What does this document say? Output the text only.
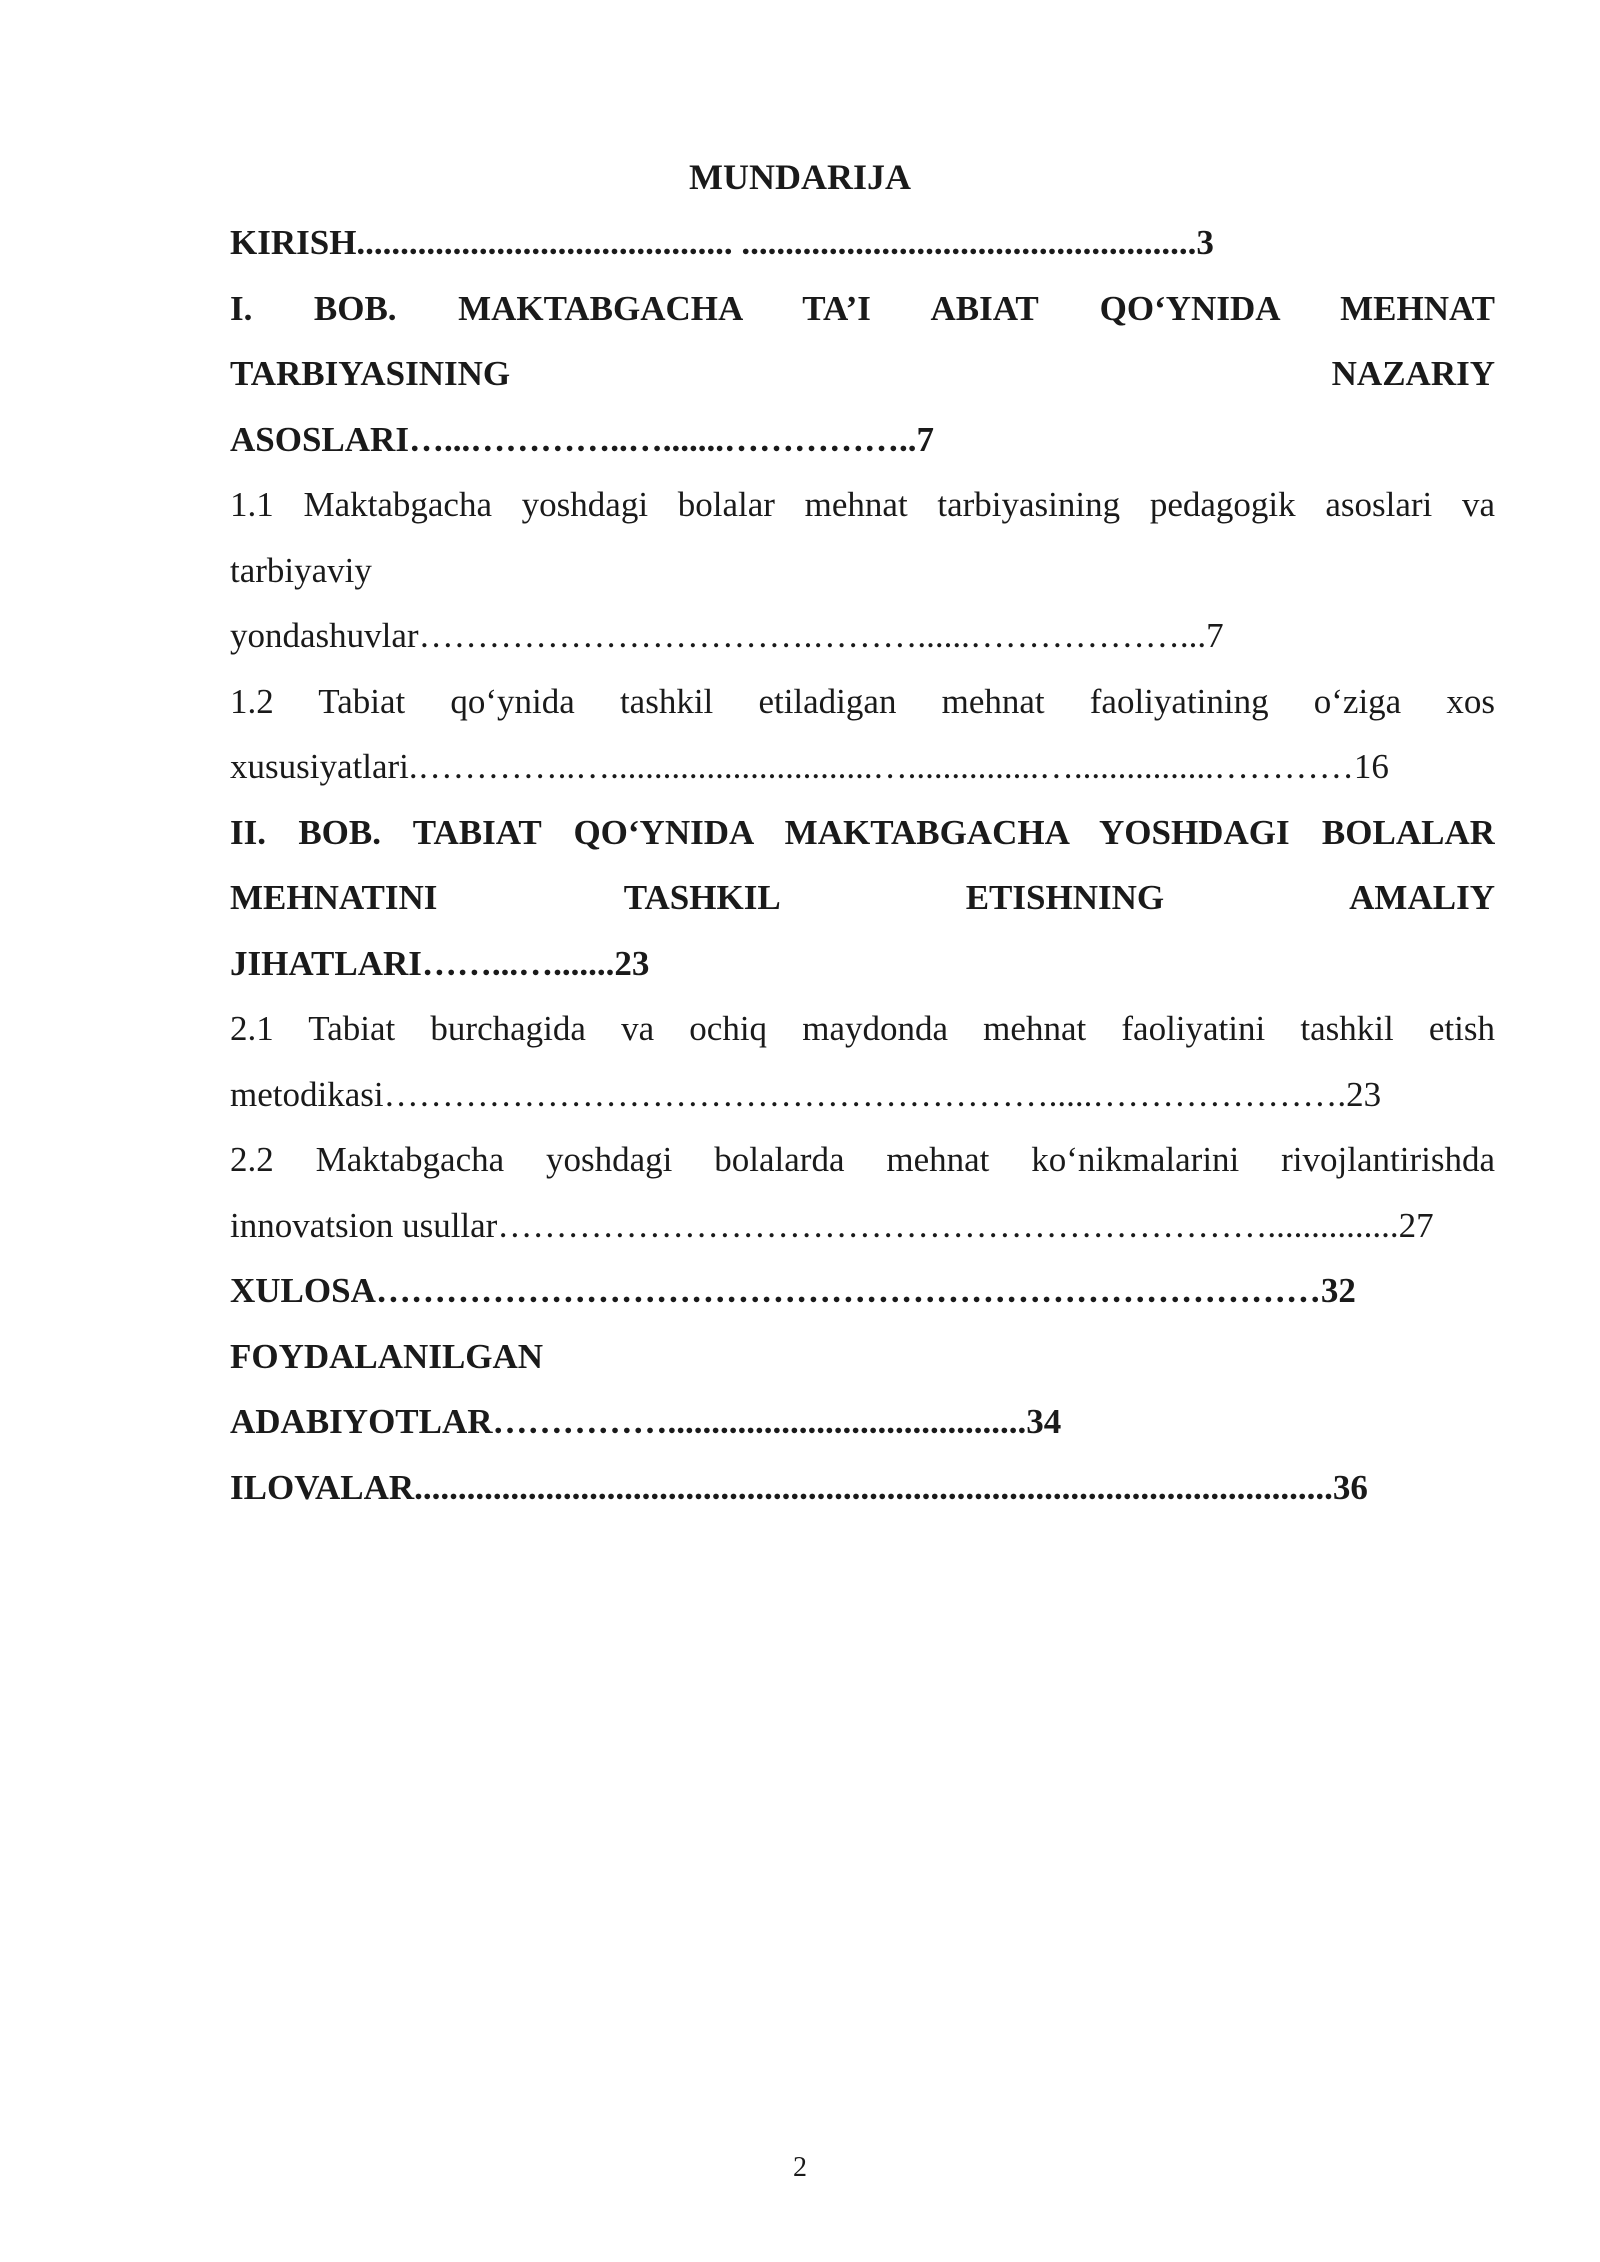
MUNDARIJA
KIRISH........................................... ....................................................3
I. BOB. MAKTABGACHA TA’I ABIAT QO‘YNIDA MEHNAT
TARBIYASINING NAZARIY
ASOSLARI…...…………..….......……………..7
1.1 Maktabgacha yoshdagi bolalar mehnat tarbiyasining pedagogik asoslari va
tarbiyaviy
yondashuvlar…………………………….………......………………...7
1.2 Tabiat qo‘ynida tashkil etiladigan mehnat faoliyatining o‘ziga xos
xususiyatlari.…………..…..............................…...............…................…………16
II. BOB. TABIAT QO‘YNIDA MAKTABGACHA YOSHDAGI BOLALAR
MEHNATINI TASHKIL ETISHNING AMALIY
JIHATLARI……...….......23
2.1 Tabiat burchagida va ochiq maydonda mehnat faoliyatini tashkil etish
metodikasi………………………………………………….....………………….23
2.2 Maktabgacha yoshdagi bolalarda mehnat ko‘nikmalarini rivojlantirishda
innovatsion usullar…………………………………………………………...............27
XULOSA………………………………………………………………………32
FOYDALANILGAN
ADABIYOTLAR…………….........................................34
ILOVALAR.........................................................................................................36
2
